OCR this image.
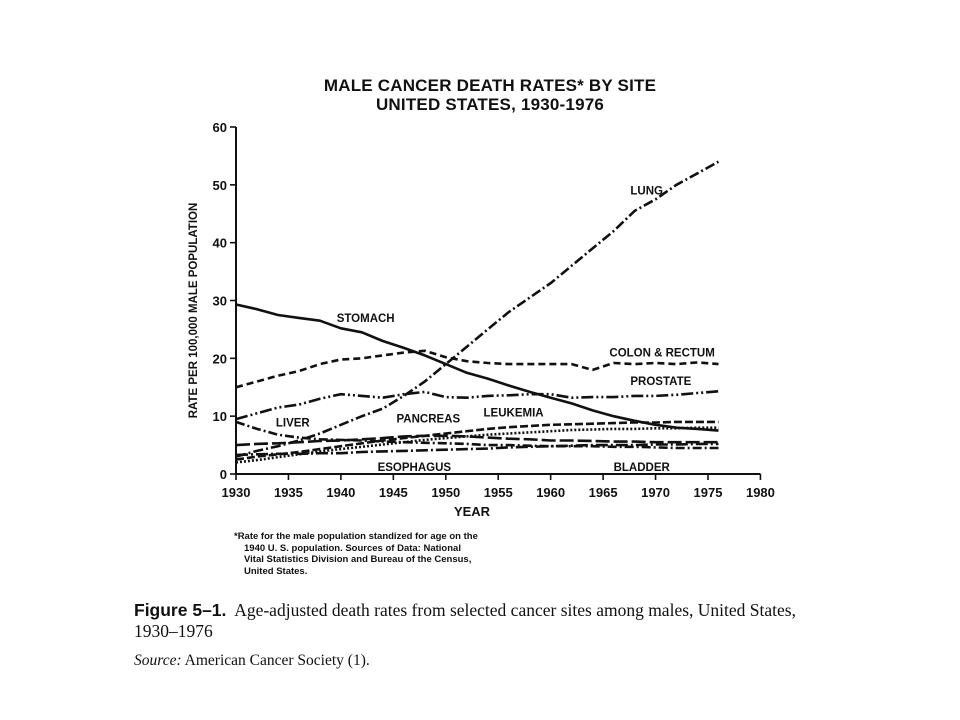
MALE CANCER DEATH RATES* BY SITE
UNITED STATES, 1930-1976
0
10
20
30
40
50
60
1930 1935 1940 1945 1950 1955 1960 1965 1970 1975 1980
YEAR
RATE PER 100,000 MALE POPULATION
LUNG
STOMACH
COLON & RECTUM
PROSTATE
LIVER	PANCREAS LEUKEMIA
ESOPHAGUS	BLADDER
*Rate for the male population standized for age on the
1940 U. S. population. Sources of Data: National
Vital Statistics Division and Bureau of the Census,
United States.
Figure 5–1. Age-adjusted death rates from selected cancer sites among males, United States, 1930–1976
Source: American Cancer Society (1).
